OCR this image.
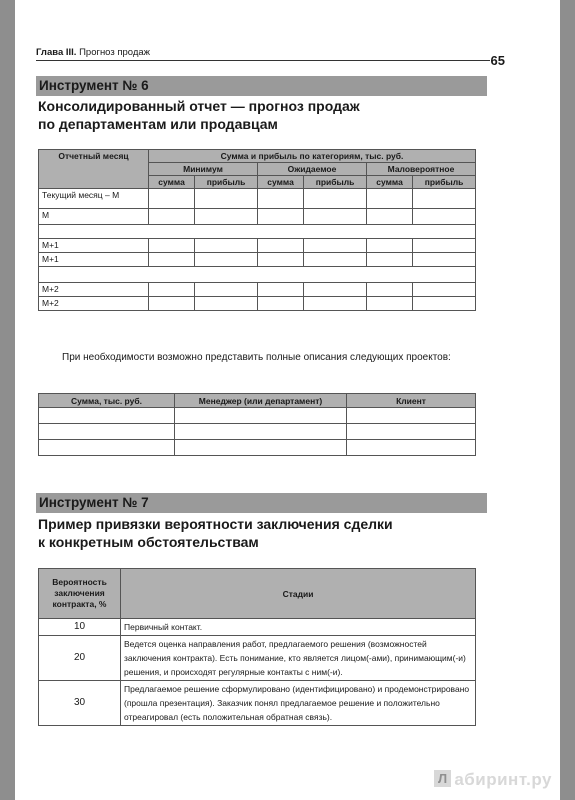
Глава III. Прогноз продаж
65
Инструмент № 6
Консолидированный отчет — прогноз продаж
по департаментам или продавцам
Отчетный месяц	Сумма и прибыль по категориям, тыс. руб.					
	Минимум		Ожидаемое		Маловероятное	
	сумма	прибыль	сумма	прибыль	сумма	прибыль
Текущий месяц – М						
М						

М+1						
М+1						

М+2						
М+2						
При необходимости возможно представить полные описания следующих проектов:
Сумма, тыс. руб.	Менеджер (или департамент)	Клиент

Инструмент № 7
Пример привязки вероятности заключения сделки
к конкретным обстоятельствам
Вероятность заключения контракта, %	Стадии
10	Первичный контакт.
20	Ведется оценка направления работ, предлагаемого решения (возможностей заключения контракта). Есть понимание, кто является лицом(-ами), принимающим(-и) решения, и происходят регулярные контакты с ним(-и).
30	Предлагаемое решение сформулировано (идентифицировано) и продемонстрировано (прошла презентация). Заказчик понял предлагаемое решение и положительно отреагировал (есть положительная обратная связь).
Л абиринт.ру
